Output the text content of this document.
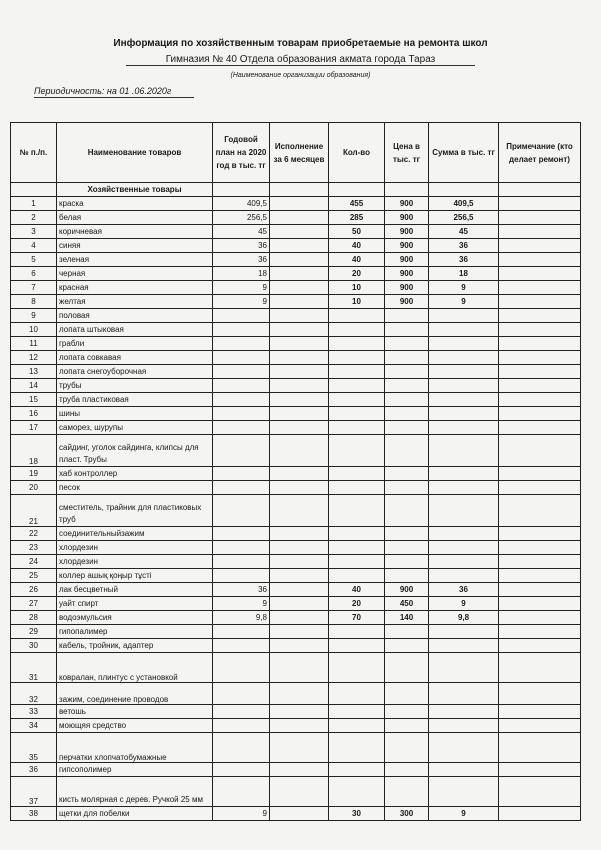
Информация по хозяйственным товарам приобретаемые на ремонта школ
Гимназия № 40 Отдела образования акмата города Тараз
(Наименование организации образования)
Периодичность: на 01 .06.2020г
№ п./п.	Наименование товаров	Годовой план на 2020 год в тыс. тг	Исполнение за 6 месяцев	Кол-во	Цена в тыс. тг	Сумма в тыс. тг	Примечание (кто делает ремонт)
	Хозяйственные товары						
1	краска	409,5		455	900	409,5	
2	белая	256,5		285	900	256,5	
3	коричневая	45		50	900	45	
4	синяя	36		40	900	36	
5	зеленая	36		40	900	36	
6	черная	18		20	900	18	
7	красная	9		10	900	9	
8	желтая	9		10	900	9	
9	половая						
10	лопата штыковая						
11	грабли						
12	лопата совкавая						
13	лопата снегоуборочная						
14	трубы						
15	труба пластиковая						
16	шины						
17	саморез, шурупы						
18	сайдинг, уголок сайдинга, клипсы для пласт. Трубы						
19	хаб контроллер						
20	песок						
21	сместитель, трайник для пластиковых труб						
22	соединительныйзажим						
23	хлордезин						
24	хлордезин						
25	коллер ашық қоңыр тұсті						
26	лак бесцветный	36		40	900	36	
27	уайт спирт	9		20	450	9	
28	водоэмульсия	9,8		70	140	9,8	
29	гипопалимер						
30	кабель, тройник, адаптер						
31	ковралан, плинтус с установкой						
32	зажим, соединение проводов						
33	ветошь						
34	моющяя средство						
35	перчатки хлопчатобумажные						
36	гипсополимер						
37	кисть молярная с дерев. Ручкой 25 мм						
38	щетки для побелки	9		30	300	9	
